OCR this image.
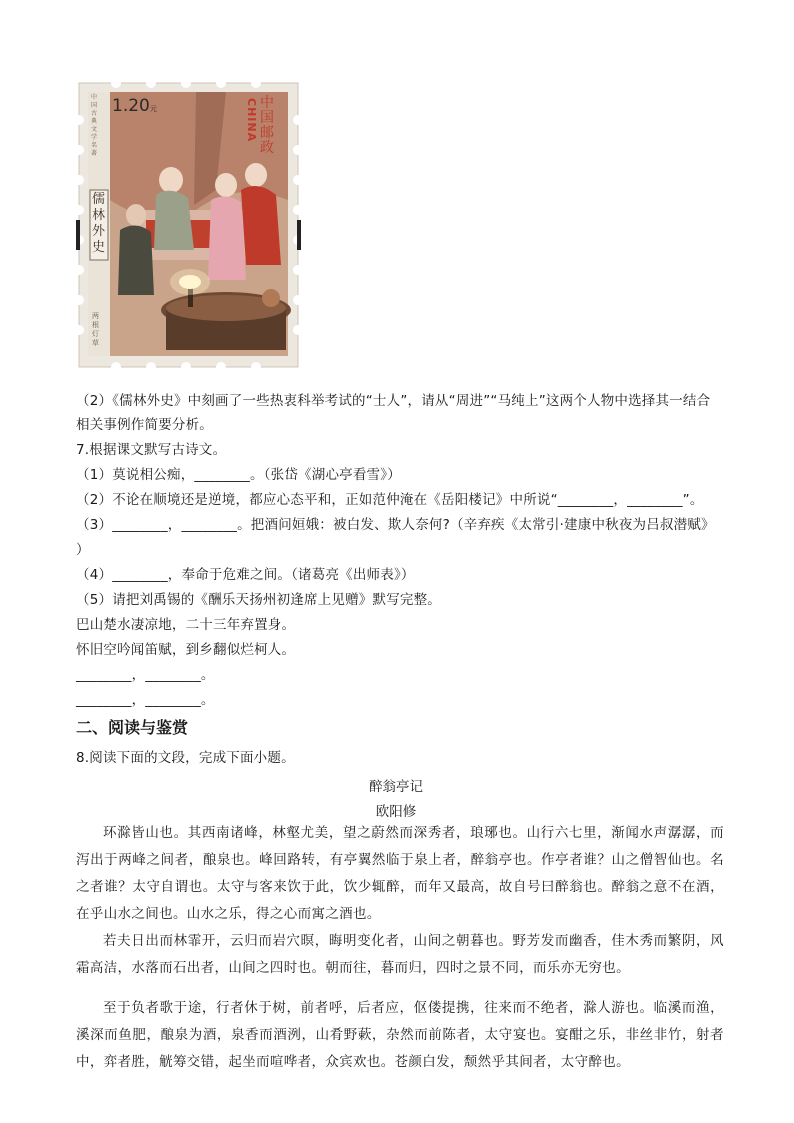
1.20元	中国邮政
CHINA
中国古典文学名著
儒林外史
两根灯草
（2）《儒林外史》中刻画了一些热衷科举考试的“士人”，请从“周进”“马纯上”这两个人物中选择其一结合
相关事例作简要分析。
7.根据课文默写古诗文。
（1）莫说相公痴，________。（张岱《湖心亭看雪》）
（2）不论在顺境还是逆境，都应心态平和，正如范仲淹在《岳阳楼记》中所说“________，________”。
（3）________，________。把酒问姮娥：被白发、欺人奈何?（辛弃疾《太常引·建康中秋夜为吕叔潜赋》
）
（4）________，奉命于危难之间。（诸葛亮《出师表》）
（5）请把刘禹锡的《酬乐天扬州初逢席上见赠》默写完整。
巴山楚水凄凉地，二十三年弃置身。
怀旧空吟闻笛赋，到乡翻似烂柯人。
________，________。
________，________。
二、阅读与鉴赏
8.阅读下面的文段，完成下面小题。
醉翁亭记
欧阳修
环滁皆山也。其西南诸峰，林壑尤美，望之蔚然而深秀者，琅琊也。山行六七里，渐闻水声潺潺，而泻出于两峰之间者，酿泉也。峰回路转，有亭翼然临于泉上者，醉翁亭也。作亭者谁？山之僧智仙也。名之者谁？太守自谓也。太守与客来饮于此，饮少辄醉，而年又最高，故自号曰醉翁也。醉翁之意不在酒，在乎山水之间也。山水之乐，得之心而寓之酒也。
若夫日出而林霏开，云归而岩穴暝，晦明变化者，山间之朝暮也。野芳发而幽香，佳木秀而繁阴，风霜高洁，水落而石出者，山间之四时也。朝而往，暮而归，四时之景不同，而乐亦无穷也。
至于负者歌于途，行者休于树，前者呼，后者应，伛偻提携，往来而不绝者，滁人游也。临溪而渔，溪深而鱼肥，酿泉为酒，泉香而酒洌，山肴野蔌，杂然而前陈者，太守宴也。宴酣之乐，非丝非竹，射者中，弈者胜，觥筹交错，起坐而喧哗者，众宾欢也。苍颜白发，颓然乎其间者，太守醉也。
